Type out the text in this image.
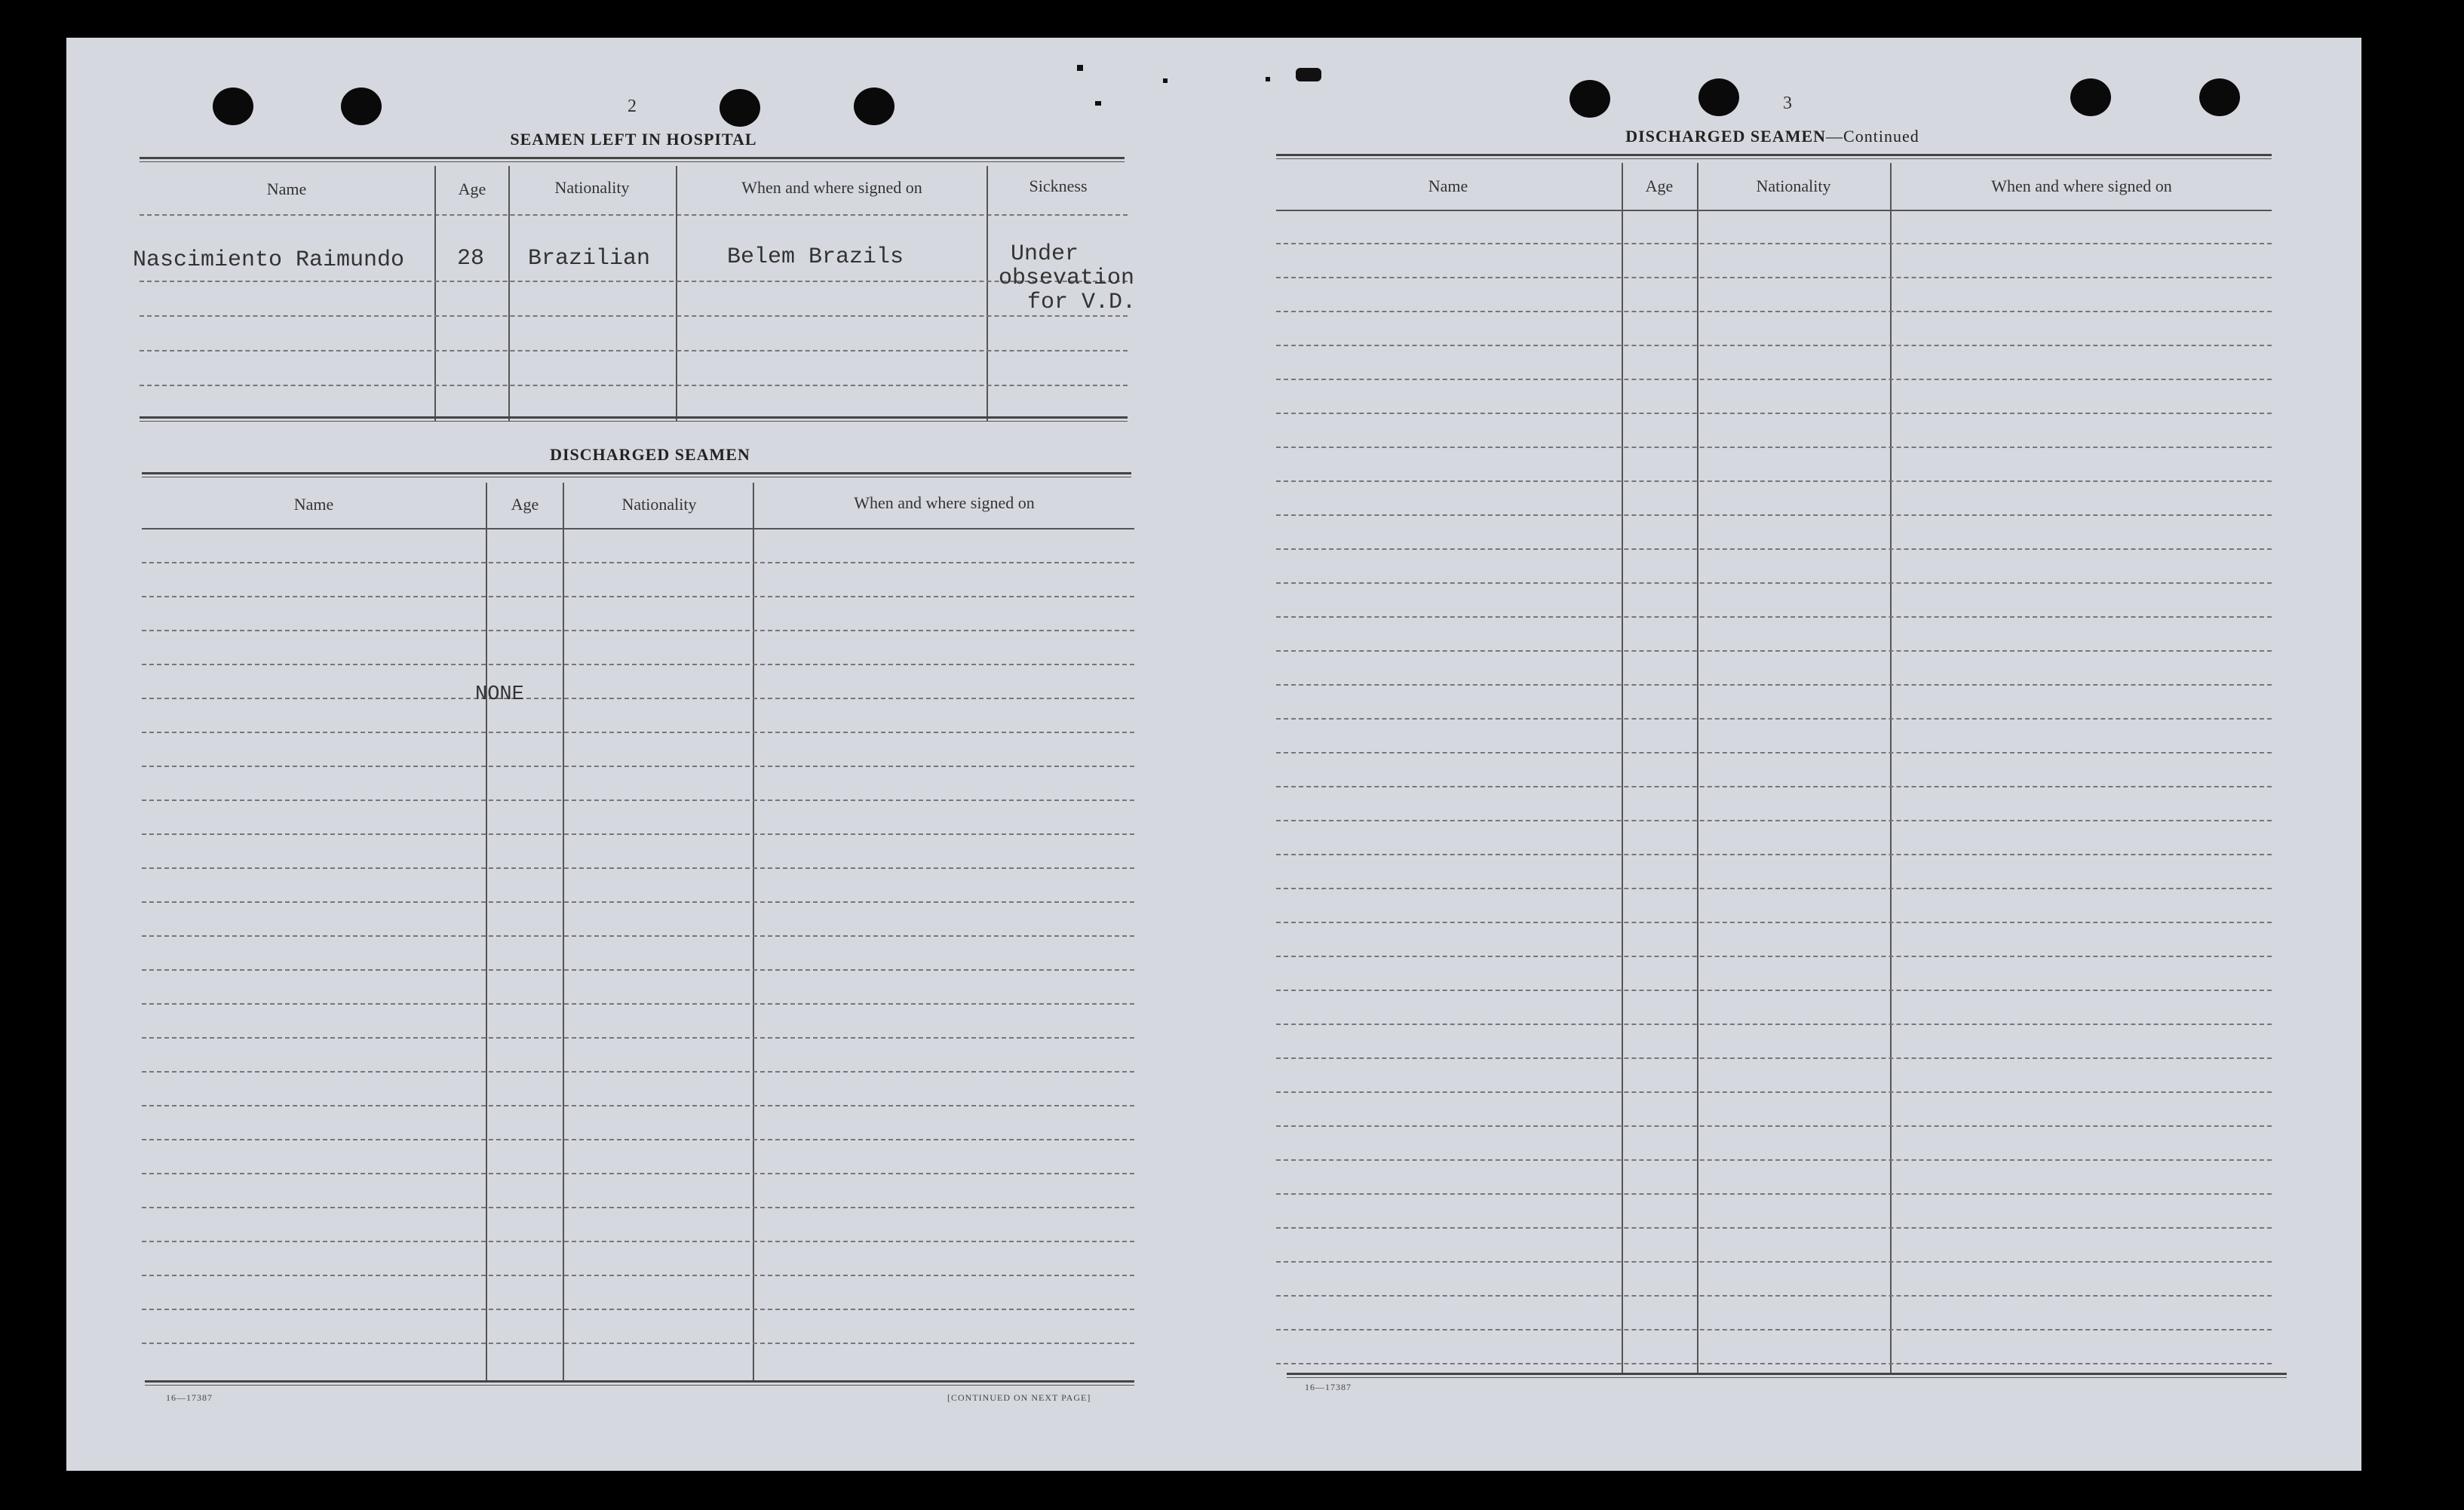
2
SEAMEN LEFT IN HOSPITAL
Name	Age	Nationality	When and where signed on	Sickness
Nascimiento Raimundo 28 Brazilian	Belem Brazils	Under
obsevation
for V.D.
DISCHARGED SEAMEN
Name	Age	Nationality	When and where signed on
NONE
16—17387	[CONTINUED ON NEXT PAGE]
3
DISCHARGED SEAMEN—Continued
Name	Age	Nationality	When and where signed on
16—17387
